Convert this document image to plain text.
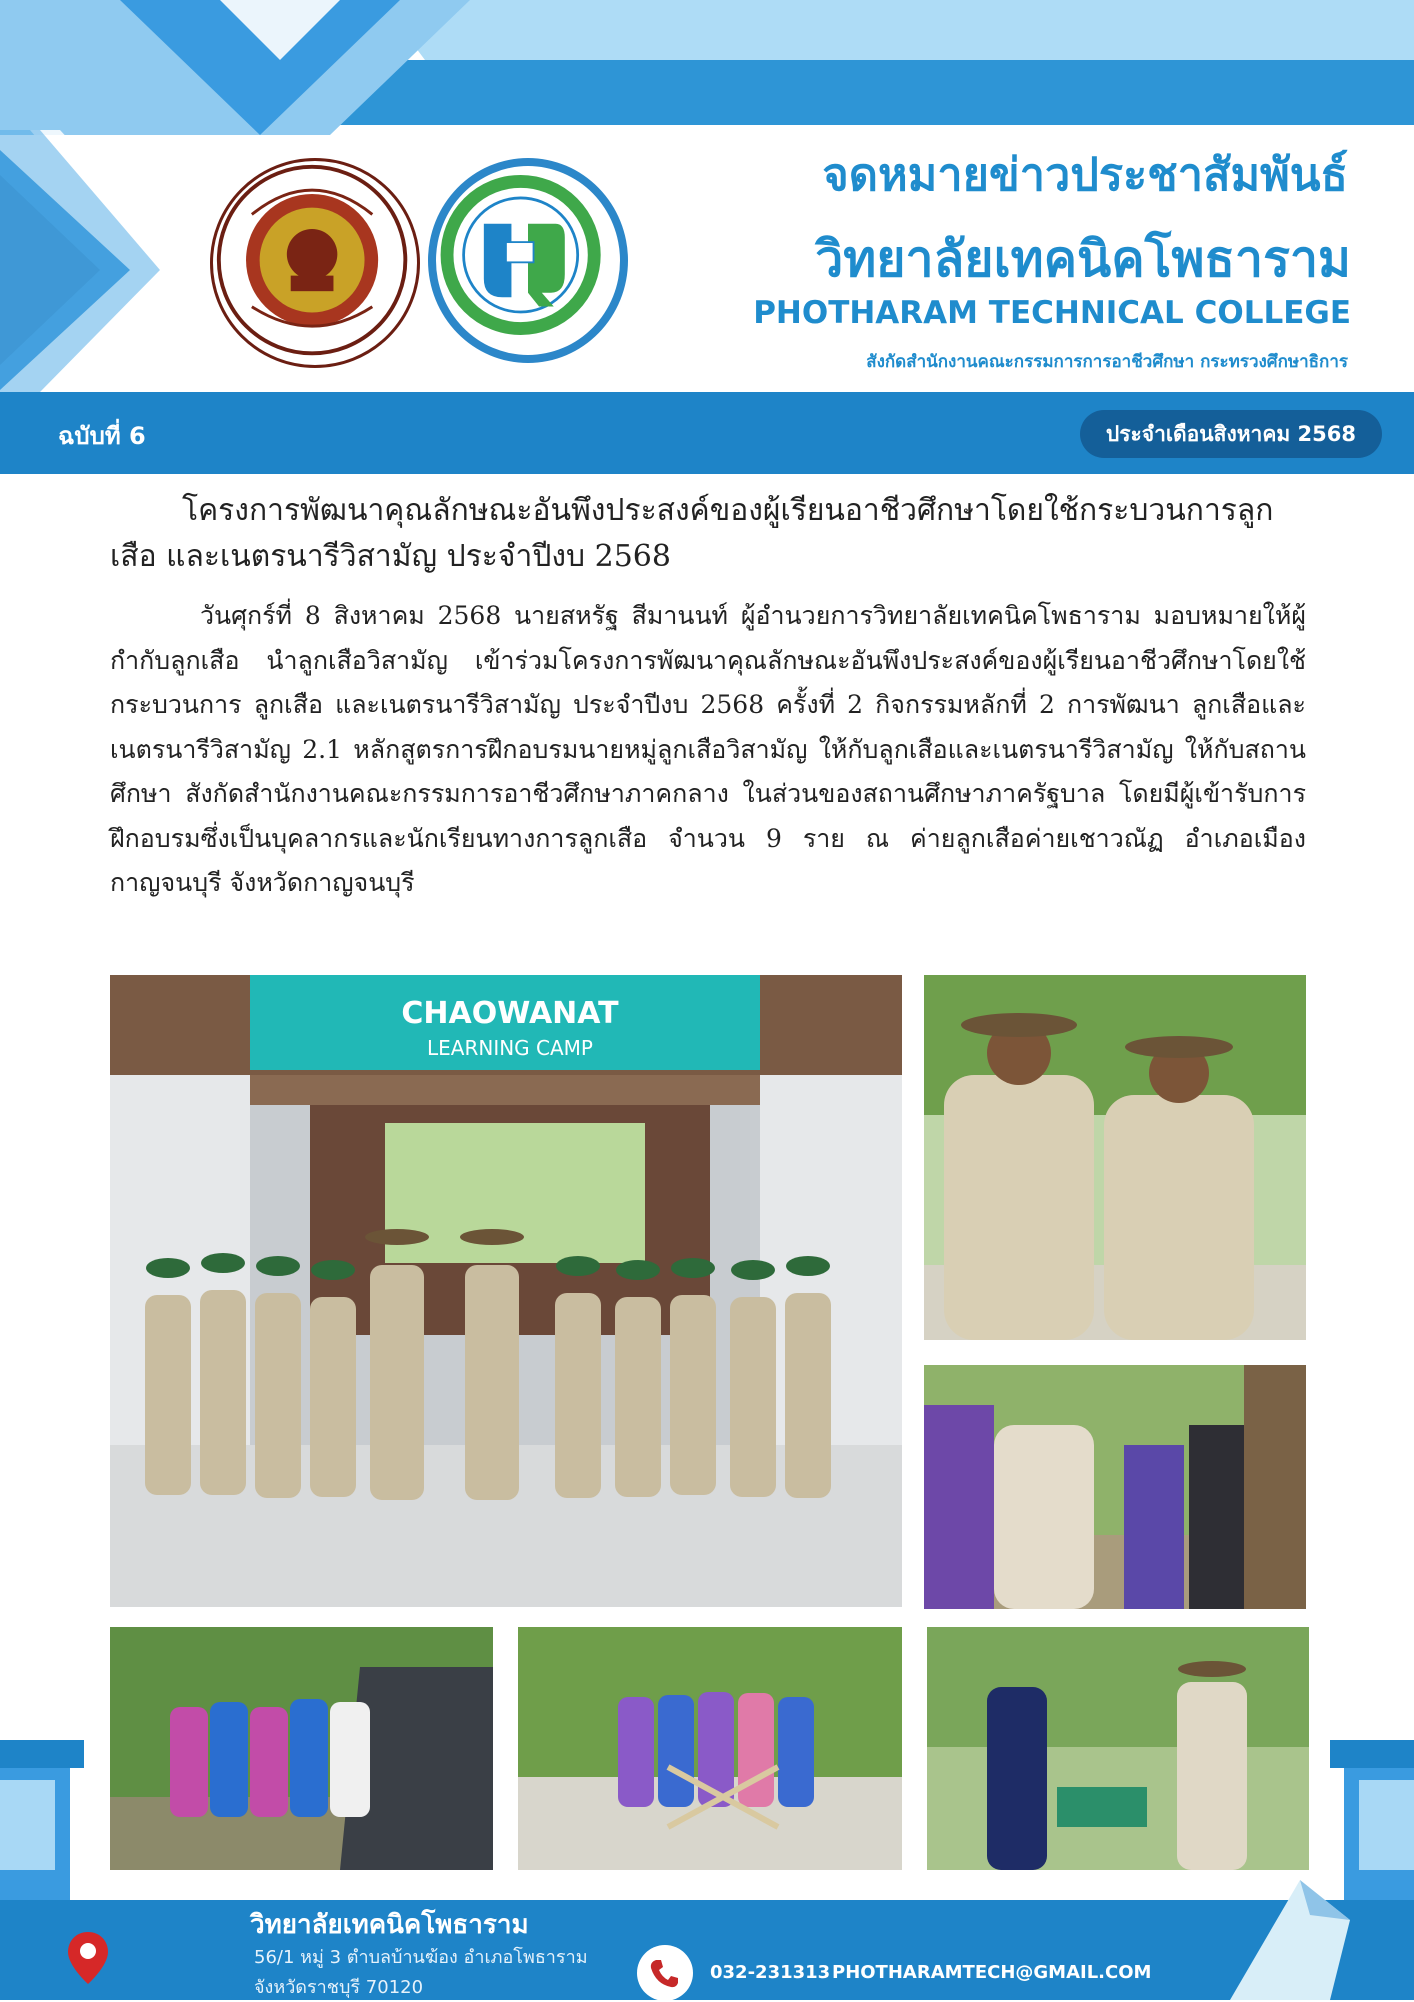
จดหมายข่าวประชาสัมพันธ์
วิทยาลัยเทคนิคโพธาราม
PHOTHARAM TECHNICAL COLLEGE
สังกัดสำนักงานคณะกรรมการการอาชีวศึกษา กระทรวงศึกษาธิการ
ฉบับที่ 6	ประจำเดือนสิงหาคม 2568
โครงการพัฒนาคุณลักษณะอันพึงประสงค์ของผู้เรียนอาชีวศึกษาโดยใช้กระบวนการลูกเสือ และเนตรนารีวิสามัญ ประจำปีงบ 2568
วันศุกร์ที่ 8 สิงหาคม 2568 นายสหรัฐ สีมานนท์ ผู้อำนวยการวิทยาลัยเทคนิคโพธาราม มอบหมายให้ผู้กำกับลูกเสือ นำลูกเสือวิสามัญ เข้าร่วมโครงการพัฒนาคุณลักษณะอันพึงประสงค์ของผู้เรียนอาชีวศึกษาโดยใช้กระบวนการ ลูกเสือ และเนตรนารีวิสามัญ ประจำปีงบ 2568 ครั้งที่ 2 กิจกรรมหลักที่ 2 การพัฒนา ลูกเสือและเนตรนารีวิสามัญ 2.1 หลักสูตรการฝึกอบรมนายหมู่ลูกเสือวิสามัญ ให้กับลูกเสือและเนตรนารีวิสามัญ ให้กับสถานศึกษา สังกัดสำนักงานคณะกรรมการอาชีวศึกษาภาคกลาง ในส่วนของสถานศึกษาภาครัฐบาล โดยมีผู้เข้ารับการฝึกอบรมซึ่งเป็นบุคลากรและนักเรียนทางการลูกเสือ จำนวน 9 ราย ณ ค่ายลูกเสือค่ายเชาวณัฏ อำเภอเมืองกาญจนบุรี จังหวัดกาญจนบุรี
CHAOWANAT
LEARNING CAMP
วิทยาลัยเทคนิคโพธาราม
56/1 หมู่ 3 ตำบลบ้านฆ้อง อำเภอโพธาราม
จังหวัดราชบุรี 70120
032-231313 PHOTHARAMTECH@GMAIL.COM
